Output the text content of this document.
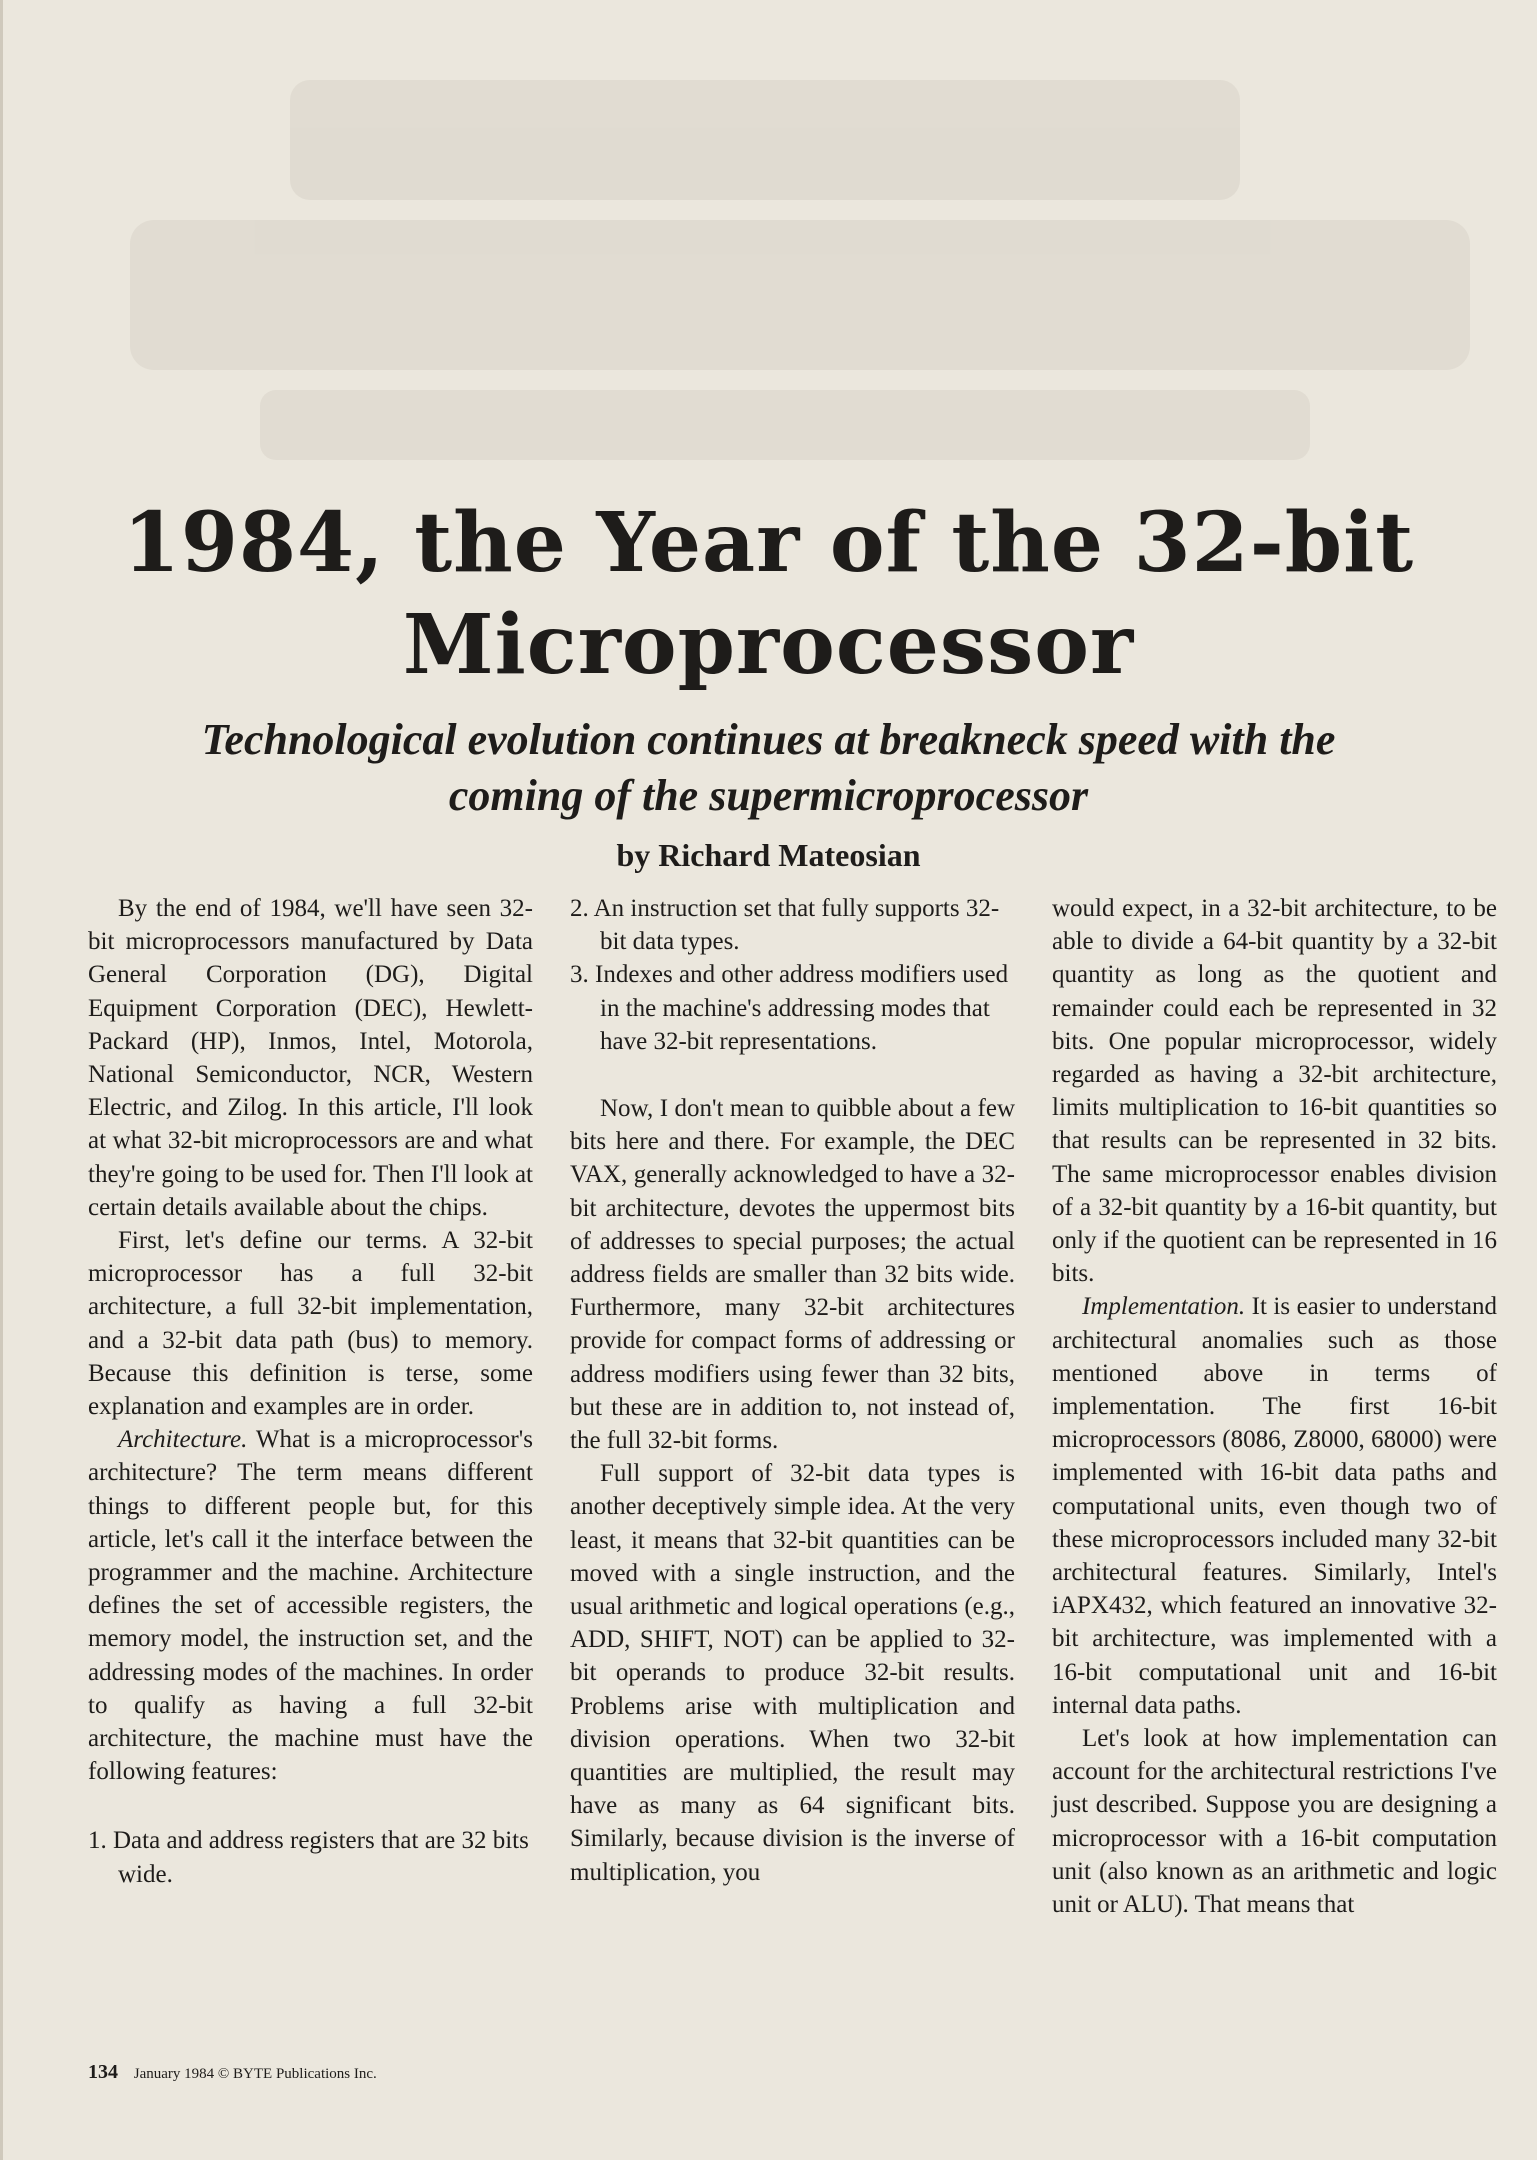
1984, the Year of the 32-bit
Microprocessor
Technological evolution continues at breakneck speed with the
coming of the supermicroprocessor
by Richard Mateosian

By the end of 1984, we'll have seen 32-bit microprocessors manufactured by Data General Corporation (DG), Digital Equipment Corporation (DEC), Hewlett-Packard (HP), Inmos, Intel, Motorola, National Semiconductor, NCR, Western Electric, and Zilog. In this article, I'll look at what 32-bit microprocessors are and what they're going to be used for. Then I'll look at certain details available about the chips.

First, let's define our terms. A 32-bit microprocessor has a full 32-bit architecture, a full 32-bit implementation, and a 32-bit data path (bus) to memory. Because this definition is terse, some explanation and examples are in order.

Architecture. What is a microprocessor's architecture? The term means different things to different people but, for this article, let's call it the interface between the programmer and the machine. Architecture defines the set of accessible registers, the memory model, the instruction set, and the addressing modes of the machines. In order to qualify as having a full 32-bit architecture, the machine must have the following features:

1. Data and address registers that are 32 bits wide.
2. An instruction set that fully supports 32-bit data types.
3. Indexes and other address modifiers used in the machine's addressing modes that have 32-bit representations.

Now, I don't mean to quibble about a few bits here and there. For example, the DEC VAX, generally acknowledged to have a 32-bit architecture, devotes the uppermost bits of addresses to special purposes; the actual address fields are smaller than 32 bits wide. Furthermore, many 32-bit architectures provide for compact forms of addressing or address modifiers using fewer than 32 bits, but these are in addition to, not instead of, the full 32-bit forms.

Full support of 32-bit data types is another deceptively simple idea. At the very least, it means that 32-bit quantities can be moved with a single instruction, and the usual arithmetic and logical operations (e.g., ADD, SHIFT, NOT) can be applied to 32-bit operands to produce 32-bit results. Problems arise with multiplication and division operations. When two 32-bit quantities are multiplied, the result may have as many as 64 significant bits. Similarly, because division is the inverse of multiplication, you

would expect, in a 32-bit architecture, to be able to divide a 64-bit quantity by a 32-bit quantity as long as the quotient and remainder could each be represented in 32 bits. One popular microprocessor, widely regarded as having a 32-bit architecture, limits multiplication to 16-bit quantities so that results can be represented in 32 bits. The same microprocessor enables division of a 32-bit quantity by a 16-bit quantity, but only if the quotient can be represented in 16 bits.

Implementation. It is easier to understand architectural anomalies such as those mentioned above in terms of implementation. The first 16-bit microprocessors (8086, Z8000, 68000) were implemented with 16-bit data paths and computational units, even though two of these microprocessors included many 32-bit architectural features. Similarly, Intel's iAPX432, which featured an innovative 32-bit architecture, was implemented with a 16-bit computational unit and 16-bit internal data paths.

Let's look at how implementation can account for the architectural restrictions I've just described. Suppose you are designing a microprocessor with a 16-bit computation unit (also known as an arithmetic and logic unit or ALU). That means that

134 January 1984 © BYTE Publications Inc.
